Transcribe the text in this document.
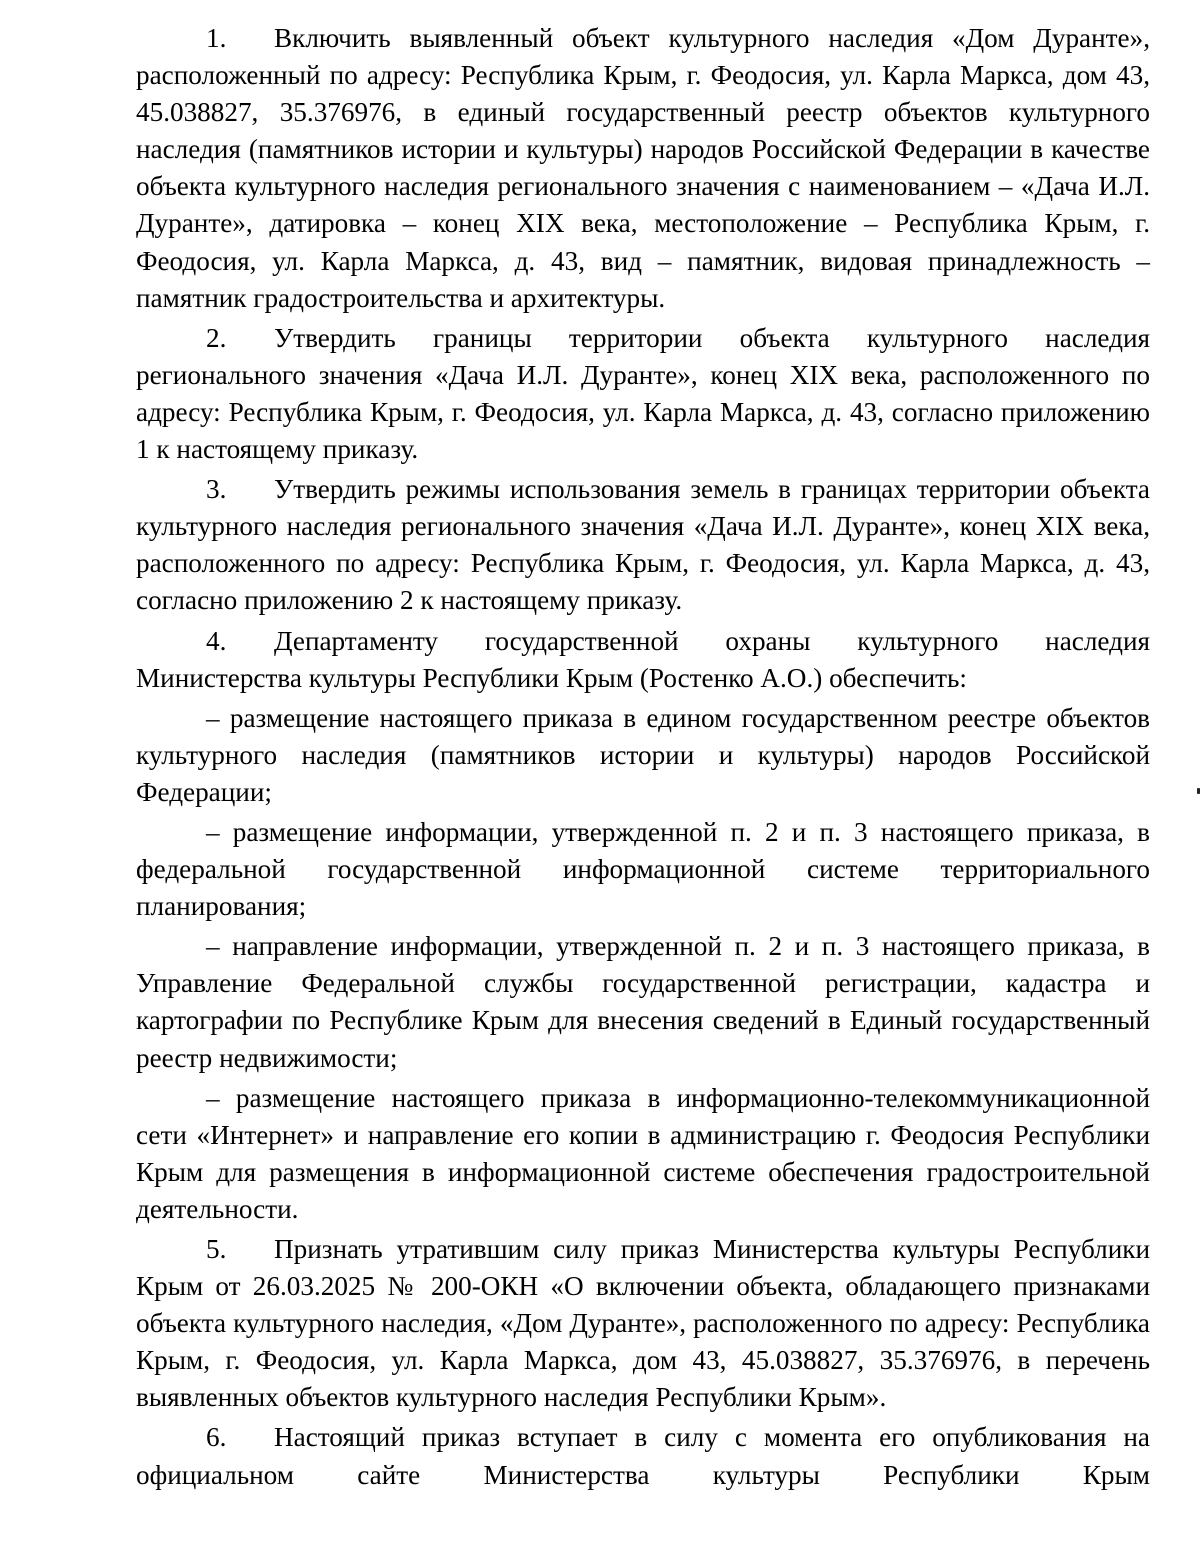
1. Включить выявленный объект культурного наследия «Дом Дуранте», расположенный по адресу: Республика Крым, г. Феодосия, ул. Карла Маркса, дом 43, 45.038827, 35.376976, в единый государственный реестр объектов культурного наследия (памятников истории и культуры) народов Российской Федерации в качестве объекта культурного наследия регионального значения с наименованием – «Дача И.Л. Дуранте», датировка – конец XIX века, местоположение – Республика Крым, г. Феодосия, ул. Карла Маркса, д. 43, вид – памятник, видовая принадлежность – памятник градостроительства и архитектуры.

2. Утвердить границы территории объекта культурного наследия регионального значения «Дача И.Л. Дуранте», конец XIX века, расположенного по адресу: Республика Крым, г. Феодосия, ул. Карла Маркса, д. 43, согласно приложению 1 к настоящему приказу.

3. Утвердить режимы использования земель в границах территории объекта культурного наследия регионального значения «Дача И.Л. Дуранте», конец XIX века, расположенного по адресу: Республика Крым, г. Феодосия, ул. Карла Маркса, д. 43, согласно приложению 2 к настоящему приказу.

4. Департаменту государственной охраны культурного наследия Министерства культуры Республики Крым (Ростенко А.О.) обеспечить:

– размещение настоящего приказа в едином государственном реестре объектов культурного наследия (памятников истории и культуры) народов Российской Федерации;

– размещение информации, утвержденной п. 2 и п. 3 настоящего приказа, в федеральной государственной информационной системе территориального планирования;

– направление информации, утвержденной п. 2 и п. 3 настоящего приказа, в Управление Федеральной службы государственной регистрации, кадастра и картографии по Республике Крым для внесения сведений в Единый государственный реестр недвижимости;

– размещение настоящего приказа в информационно-телекоммуникационной сети «Интернет» и направление его копии в администрацию г. Феодосия Республики Крым для размещения в информационной системе обеспечения градостроительной деятельности.

5. Признать утратившим силу приказ Министерства культуры Республики Крым от 26.03.2025 № 200-ОКН «О включении объекта, обладающего признаками объекта культурного наследия, «Дом Дуранте», расположенного по адресу: Республика Крым, г. Феодосия, ул. Карла Маркса, дом 43, 45.038827, 35.376976, в перечень выявленных объектов культурного наследия Республики Крым».

6. Настоящий приказ вступает в силу с момента его опубликования на официальном сайте Министерства культуры Республики Крым
